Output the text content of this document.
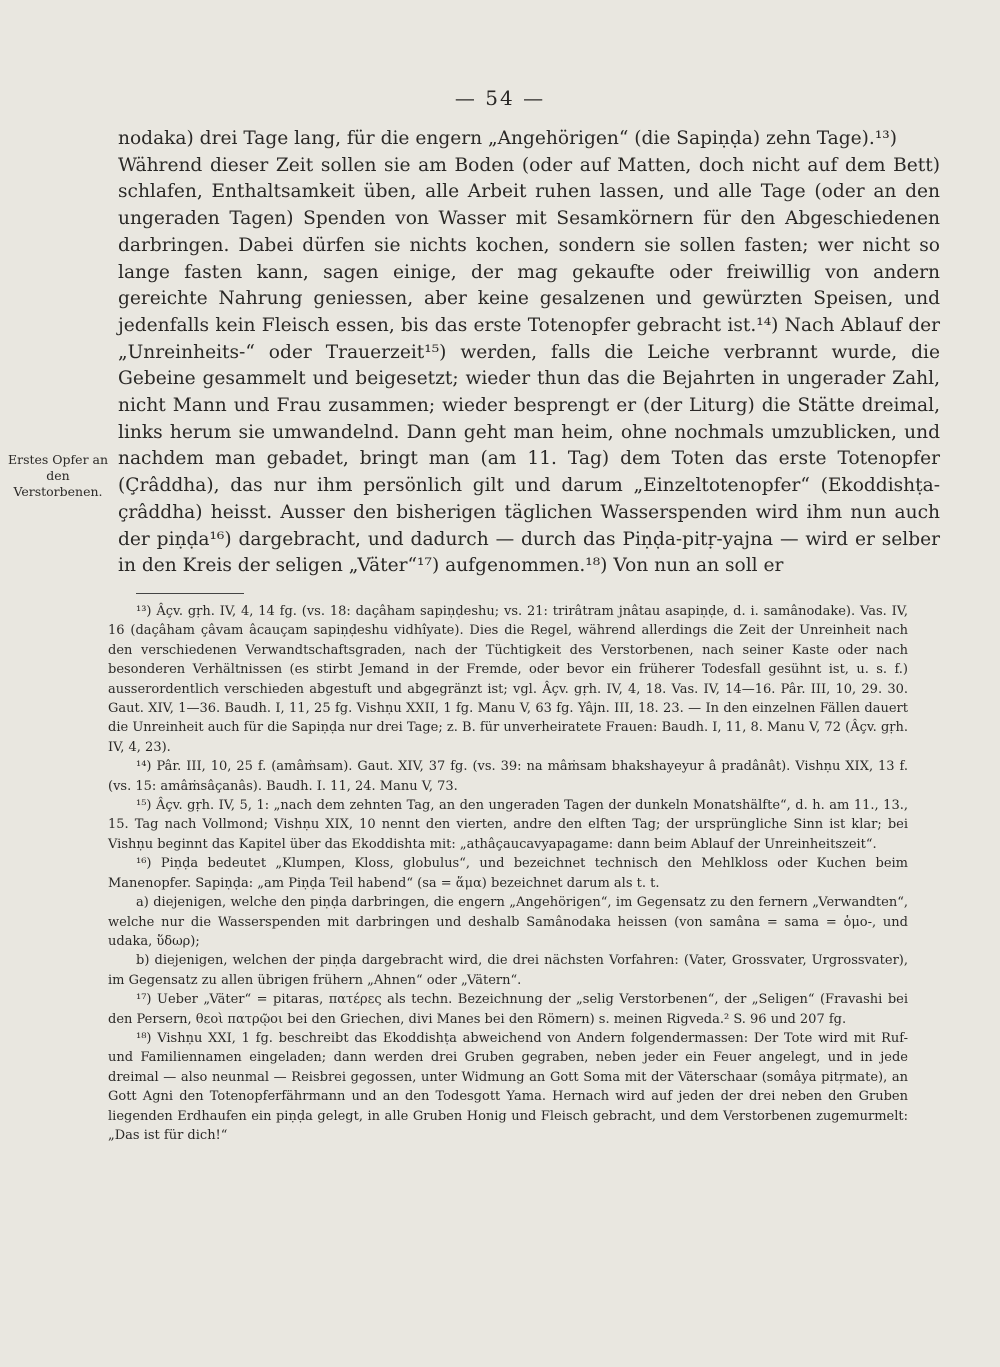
— 54 —
Erstes Opfer an den Verstorbenen.

nodaka) drei Tage lang, für die engern „Angehörigen“ (die Sapiṇḍa) zehn Tage).¹³)

Während dieser Zeit sollen sie am Boden (oder auf Matten, doch nicht auf dem Bett) schlafen, Enthaltsamkeit üben, alle Arbeit ruhen lassen, und alle Tage (oder an den ungeraden Tagen) Spenden von Wasser mit Sesamkörnern für den Abgeschiedenen darbringen. Dabei dürfen sie nichts kochen, sondern sie sollen fasten; wer nicht so lange fasten kann, sagen einige, der mag gekaufte oder freiwillig von andern gereichte Nahrung geniessen, aber keine gesalzenen und gewürzten Speisen, und jedenfalls kein Fleisch essen, bis das erste Totenopfer gebracht ist.¹⁴) Nach Ablauf der „Unreinheits-“ oder Trauerzeit¹⁵) werden, falls die Leiche verbrannt wurde, die Gebeine gesammelt und beigesetzt; wieder thun das die Bejahrten in ungerader Zahl, nicht Mann und Frau zusammen; wieder besprengt er (der Liturg) die Stätte dreimal, links herum sie umwandelnd. Dann geht man heim, ohne nochmals umzublicken, und nachdem man gebadet, bringt man (am 11. Tag) dem Toten das erste Totenopfer (Çrâddha), das nur ihm persönlich gilt und darum „Einzeltotenopfer“ (Ekoddishṭa-çrâddha) heisst. Ausser den bisherigen täglichen Wasserspenden wird ihm nun auch der piṇḍa¹⁶) dargebracht, und dadurch — durch das Piṇḍa-pitṛ-yajna — wird er selber in den Kreis der seligen „Väter“¹⁷) aufgenommen.¹⁸) Von nun an soll er

¹³) Âçv. gṛh. IV, 4, 14 fg. (vs. 18: daçâham sapiṇḍeshu; vs. 21: trirâtram jnâtau asapiṇḍe, d. i. samânodake). Vas. IV, 16 (daçâham çâvam âcauçam sapiṇḍeshu vidhîyate). Dies die Regel, während allerdings die Zeit der Unreinheit nach den verschiedenen Verwandtschaftsgraden, nach der Tüchtigkeit des Verstorbenen, nach seiner Kaste oder nach besonderen Verhältnissen (es stirbt Jemand in der Fremde, oder bevor ein früherer Todesfall gesühnt ist, u. s. f.) ausserordentlich verschieden abgestuft und abgegränzt ist; vgl. Âçv. gṛh. IV, 4, 18. Vas. IV, 14—16. Pâr. III, 10, 29. 30. Gaut. XIV, 1—36. Baudh. I, 11, 25 fg. Vishṇu XXII, 1 fg. Manu V, 63 fg. Yâjn. III, 18. 23. — In den einzelnen Fällen dauert die Unreinheit auch für die Sapiṇḍa nur drei Tage; z. B. für unverheiratete Frauen: Baudh. I, 11, 8. Manu V, 72 (Âçv. gṛh. IV, 4, 23).

¹⁴) Pâr. III, 10, 25 f. (amâṁsam). Gaut. XIV, 37 fg. (vs. 39: na mâṁsam bhakshayeyur â pradânât). Vishṇu XIX, 13 f. (vs. 15: amâṁsâçanâs). Baudh. I. 11, 24. Manu V, 73.

¹⁵) Âçv. gṛh. IV, 5, 1: „nach dem zehnten Tag, an den ungeraden Tagen der dunkeln Monatshälfte“, d. h. am 11., 13., 15. Tag nach Vollmond; Vishṇu XIX, 10 nennt den vierten, andre den elften Tag; der ursprüngliche Sinn ist klar; bei Vishṇu beginnt das Kapitel über das Ekoddishta mit: „athâçaucavyapagame: dann beim Ablauf der Unreinheitszeit“.

¹⁶) Piṇḍa bedeutet „Klumpen, Kloss, globulus“, und bezeichnet technisch den Mehlkloss oder Kuchen beim Manenopfer. Sapiṇḍa: „am Piṇḍa Teil habend“ (sa = ἅμα) bezeichnet darum als t. t.

a) diejenigen, welche den piṇḍa darbringen, die engern „Angehörigen“, im Gegensatz zu den fernern „Verwandten“, welche nur die Wasserspenden mit darbringen und deshalb Samânodaka heissen (von samâna = sama = ὁμο-, und udaka, ὕδωρ);

b) diejenigen, welchen der piṇḍa dargebracht wird, die drei nächsten Vorfahren: (Vater, Grossvater, Urgrossvater), im Gegensatz zu allen übrigen frühern „Ahnen“ oder „Vätern“.

¹⁷) Ueber „Väter“ = pitaras, πατέρες als techn. Bezeichnung der „selig Verstorbenen“, der „Seligen“ (Fravashi bei den Persern, θεοὶ πατρῷοι bei den Griechen, divi Manes bei den Römern) s. meinen Rigveda.² S. 96 und 207 fg.

¹⁸) Vishṇu XXI, 1 fg. beschreibt das Ekoddishṭa abweichend von Andern folgendermassen: Der Tote wird mit Ruf- und Familiennamen eingeladen; dann werden drei Gruben gegraben, neben jeder ein Feuer angelegt, und in jede dreimal — also neunmal — Reisbrei gegossen, unter Widmung an Gott Soma mit der Väterschaar (somâya pitṛmate), an Gott Agni den Totenopferfährmann und an den Todesgott Yama. Hernach wird auf jeden der drei neben den Gruben liegenden Erdhaufen ein piṇḍa gelegt, in alle Gruben Honig und Fleisch gebracht, und dem Verstorbenen zugemurmelt: „Das ist für dich!“
